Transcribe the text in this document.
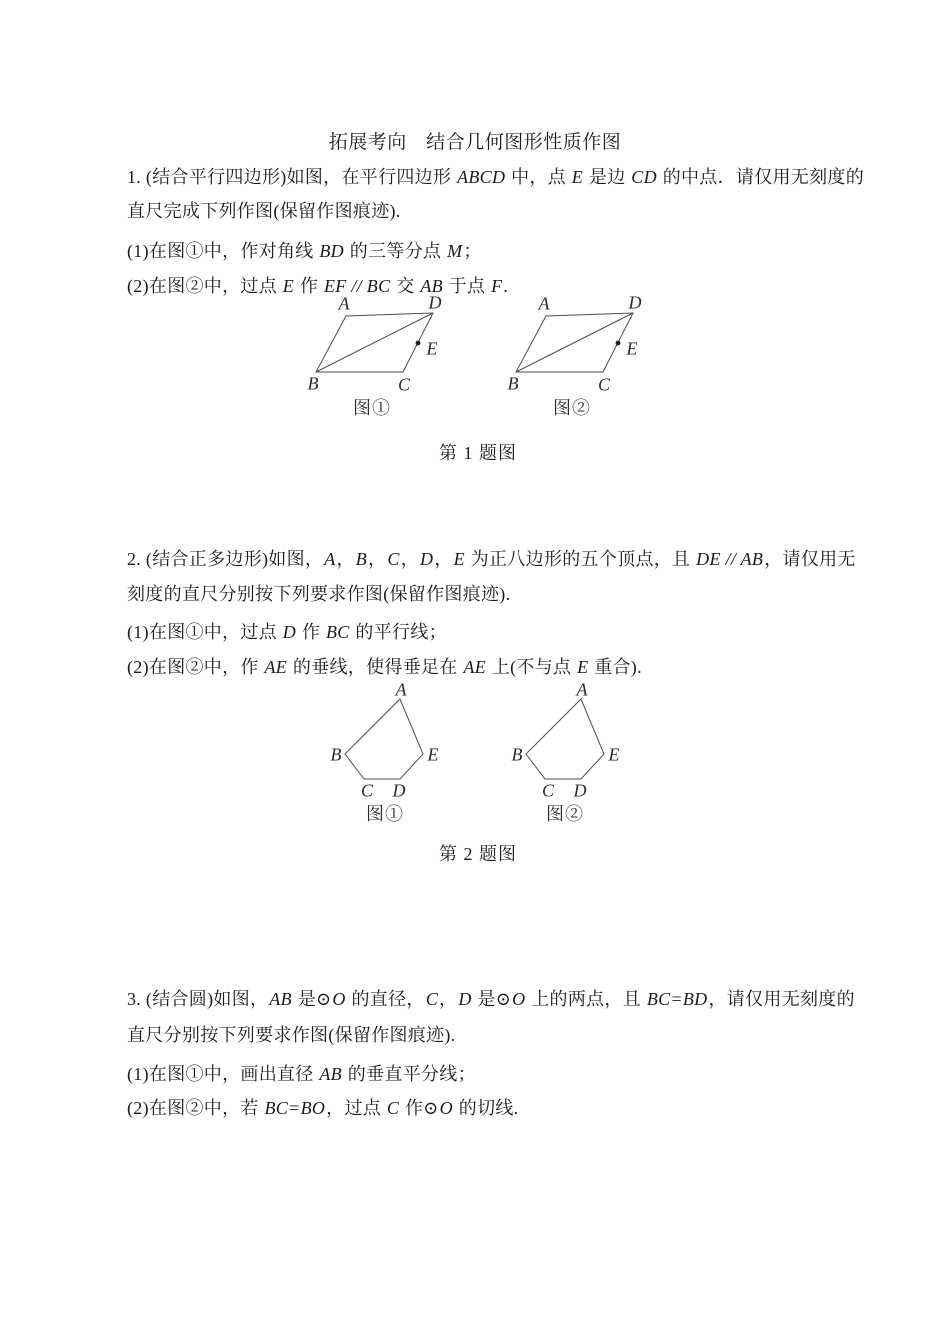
拓展考向　结合几何图形性质作图
1. (结合平行四边形)如图，在平行四边形 ABCD 中，点 E 是边 CD 的中点．请仅用无刻度的
直尺完成下列作图(保留作图痕迹).
(1)在图①中，作对角线 BD 的三等分点 M；
(2)在图②中，过点 E 作 EF // BC 交 AB 于点 F.
2. (结合正多边形)如图，A，B，C，D，E 为正八边形的五个顶点，且 DE // AB，请仅用无
刻度的直尺分别按下列要求作图(保留作图痕迹).
(1)在图①中，过点 D 作 BC 的平行线；
(2)在图②中，作 AE 的垂线，使得垂足在 AE 上(不与点 E 重合).
3. (结合圆)如图，AB 是⊙O 的直径，C，D 是⊙O 上的两点，且 BC=BD，请仅用无刻度的
直尺分别按下列要求作图(保留作图痕迹).
(1)在图①中，画出直径 AB 的垂直平分线；
(2)在图②中，若 BC=BO，过点 C 作⊙O 的切线.
第 1 题图
A	D
B	C
E
图①
A	D
B	C
E
图②
第 2 题图
A
B
C D
E
图①
A
B
C D
E
图②
